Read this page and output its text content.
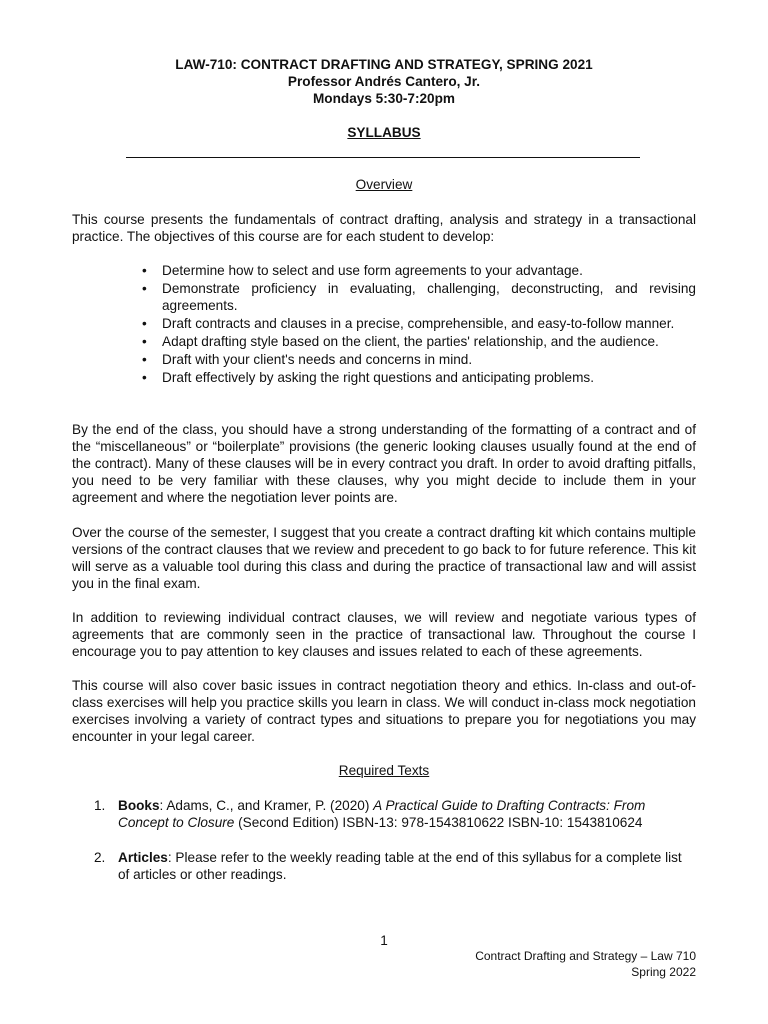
LAW-710: CONTRACT DRAFTING AND STRATEGY, SPRING 2021
Professor Andrés Cantero, Jr.
Mondays 5:30-7:20pm
SYLLABUS
Overview
This course presents the fundamentals of contract drafting, analysis and strategy in a transactional practice. The objectives of this course are for each student to develop:
• Determine how to select and use form agreements to your advantage.
• Demonstrate proficiency in evaluating, challenging, deconstructing, and revising agreements.
• Draft contracts and clauses in a precise, comprehensible, and easy-to-follow manner.
• Adapt drafting style based on the client, the parties' relationship, and the audience.
• Draft with your client's needs and concerns in mind.
• Draft effectively by asking the right questions and anticipating problems.
By the end of the class, you should have a strong understanding of the formatting of a contract and of the “miscellaneous” or “boilerplate” provisions (the generic looking clauses usually found at the end of the contract). Many of these clauses will be in every contract you draft. In order to avoid drafting pitfalls, you need to be very familiar with these clauses, why you might decide to include them in your agreement and where the negotiation lever points are.
Over the course of the semester, I suggest that you create a contract drafting kit which contains multiple versions of the contract clauses that we review and precedent to go back to for future reference. This kit will serve as a valuable tool during this class and during the practice of transactional law and will assist you in the final exam.
In addition to reviewing individual contract clauses, we will review and negotiate various types of agreements that are commonly seen in the practice of transactional law. Throughout the course I encourage you to pay attention to key clauses and issues related to each of these agreements.
This course will also cover basic issues in contract negotiation theory and ethics. In-class and out-of-class exercises will help you practice skills you learn in class. We will conduct in-class mock negotiation exercises involving a variety of contract types and situations to prepare you for negotiations you may encounter in your legal career.
Required Texts
1. Books: Adams, C., and Kramer, P. (2020) A Practical Guide to Drafting Contracts: From Concept to Closure (Second Edition) ISBN-13: 978-1543810622 ISBN-10: 1543810624
2. Articles: Please refer to the weekly reading table at the end of this syllabus for a complete list of articles or other readings.
1
Contract Drafting and Strategy – Law 710
Spring 2022
